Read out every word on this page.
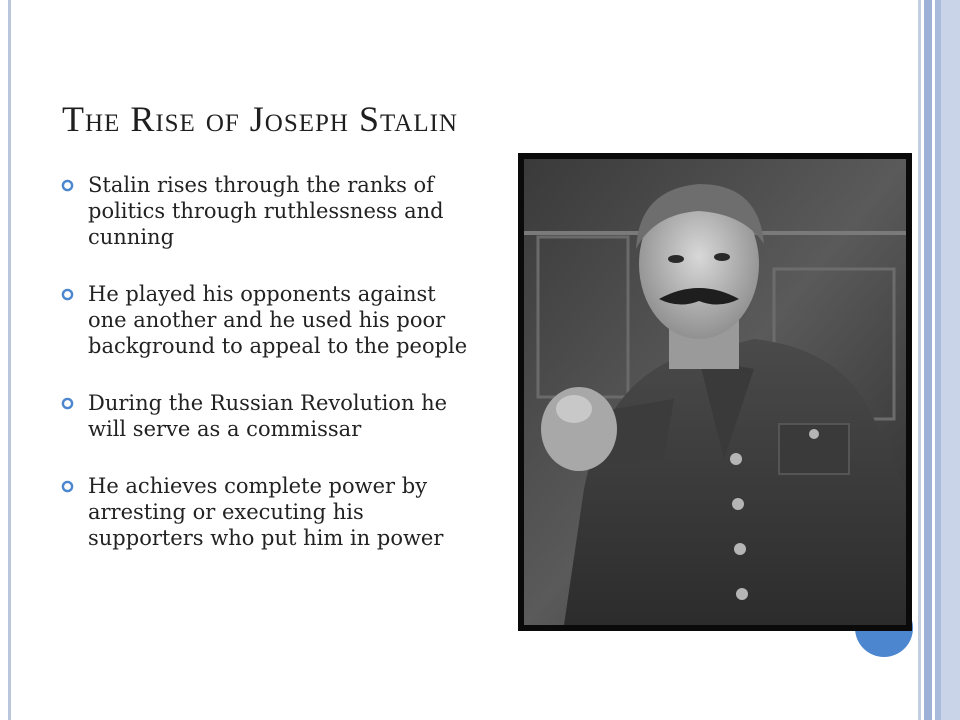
The Rise of Joseph Stalin
Stalin rises through the ranks of politics through ruthlessness and cunning
He played his opponents against one another and he used his poor background to appeal to the people
During the Russian Revolution he will serve as a commissar
He achieves complete power by arresting or executing his supporters who put him in power
